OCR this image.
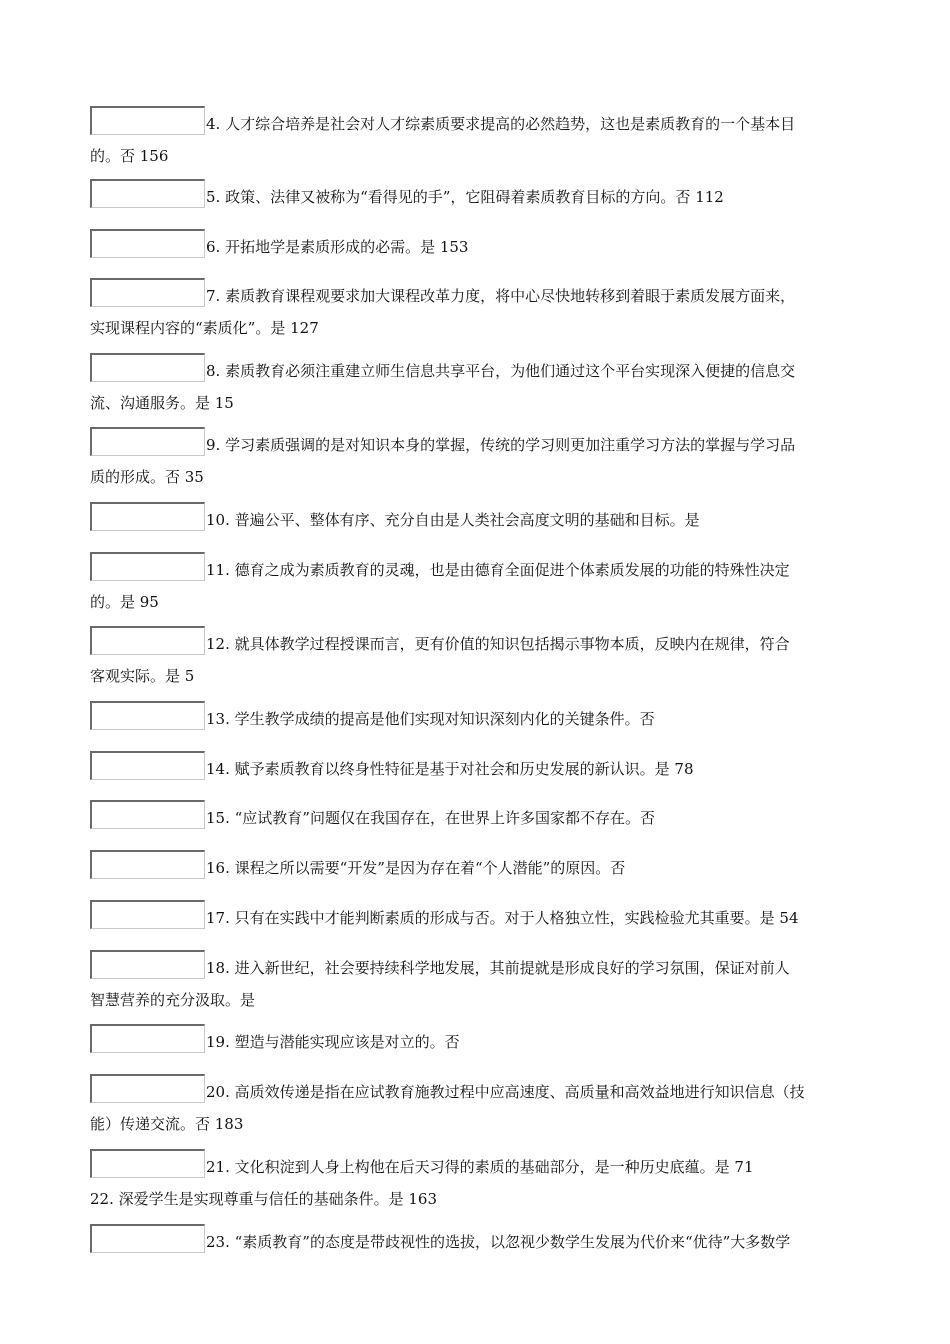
4. 人才综合培养是社会对人才综素质要求提高的必然趋势，这也是素质教育的一个基本目
的。否 156
5. 政策、法律又被称为“看得见的手”，它阻碍着素质教育目标的方向。否 112
6. 开拓地学是素质形成的必需。是 153
7. 素质教育课程观要求加大课程改革力度，将中心尽快地转移到着眼于素质发展方面来，
实现课程内容的“素质化”。是 127
8. 素质教育必须注重建立师生信息共享平台，为他们通过这个平台实现深入便捷的信息交
流、沟通服务。是 15
9. 学习素质强调的是对知识本身的掌握，传统的学习则更加注重学习方法的掌握与学习品
质的形成。否 35
10. 普遍公平、整体有序、充分自由是人类社会高度文明的基础和目标。是
11. 德育之成为素质教育的灵魂，也是由德育全面促进个体素质发展的功能的特殊性决定
的。是 95
12. 就具体教学过程授课而言，更有价值的知识包括揭示事物本质，反映内在规律，符合
客观实际。是 5
13. 学生教学成绩的提高是他们实现对知识深刻内化的关键条件。否
14. 赋予素质教育以终身性特征是基于对社会和历史发展的新认识。是 78
15. “应试教育”问题仅在我国存在，在世界上许多国家都不存在。否
16. 课程之所以需要“开发”是因为存在着“个人潜能”的原因。否
17. 只有在实践中才能判断素质的形成与否。对于人格独立性，实践检验尤其重要。是 54
18. 进入新世纪，社会要持续科学地发展，其前提就是形成良好的学习氛围，保证对前人
智慧营养的充分汲取。是
19. 塑造与潜能实现应该是对立的。否
20. 高质效传递是指在应试教育施教过程中应高速度、高质量和高效益地进行知识信息（技
能）传递交流。否 183
21. 文化积淀到人身上构他在后天习得的素质的基础部分，是一种历史底蕴。是 71
22. 深爱学生是实现尊重与信任的基础条件。是 163
23. “素质教育”的态度是带歧视性的选拔，以忽视少数学生发展为代价来“优待”大多数学
